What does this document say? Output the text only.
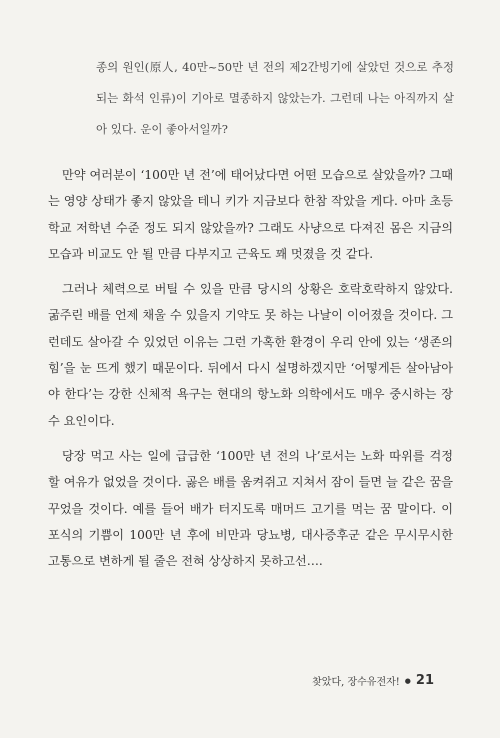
종의 원인(原人, 40만~50만 년 전의 제2간빙기에 살았던 것으로 추정되는 화석 인류)이 기아로 멸종하지 않았는가. 그런데 나는 아직까지 살아 있다. 운이 좋아서일까?

만약 여러분이 ‘100만 년 전’에 태어났다면 어떤 모습으로 살았을까? 그때는 영양 상태가 좋지 않았을 테니 키가 지금보다 한참 작았을 게다. 아마 초등학교 저학년 수준 정도 되지 않았을까? 그래도 사냥으로 다져진 몸은 지금의 모습과 비교도 안 될 만큼 다부지고 근육도 꽤 멋졌을 것 같다.

그러나 체력으로 버틸 수 있을 만큼 당시의 상황은 호락호락하지 않았다. 굶주린 배를 언제 채울 수 있을지 기약도 못 하는 나날이 이어졌을 것이다. 그런데도 살아갈 수 있었던 이유는 그런 가혹한 환경이 우리 안에 있는 ‘생존의 힘’을 눈 뜨게 했기 때문이다. 뒤에서 다시 설명하겠지만 ‘어떻게든 살아남아야 한다’는 강한 신체적 욕구는 현대의 항노화 의학에서도 매우 중시하는 장수 요인이다.

당장 먹고 사는 일에 급급한 ‘100만 년 전의 나’로서는 노화 따위를 걱정할 여유가 없었을 것이다. 곯은 배를 움켜쥐고 지쳐서 잠이 들면 늘 같은 꿈을 꾸었을 것이다. 예를 들어 배가 터지도록 매머드 고기를 먹는 꿈 말이다. 이 포식의 기쁨이 100만 년 후에 비만과 당뇨병, 대사증후군 같은 무시무시한 고통으로 변하게 될 줄은 전혀 상상하지 못하고선….

찾았다, 장수유전자! ● 21
